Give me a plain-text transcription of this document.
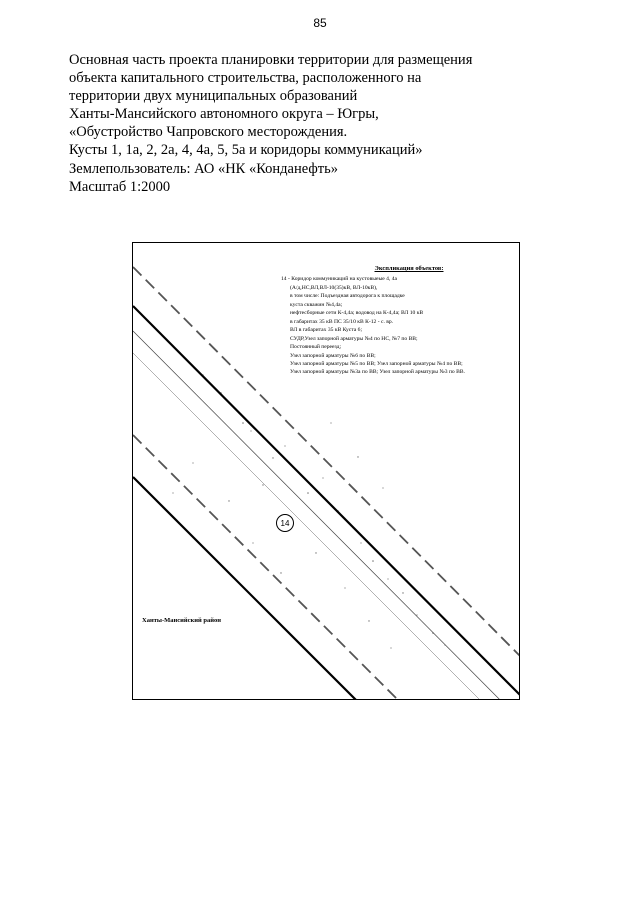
85
Основная часть проекта планировки территории для размещения
объекта капитального строительства, расположенного на
территории двух муниципальных образований
Ханты-Мансийского автономного округа – Югры,
«Обустройство Чапровского месторождения.
Кусты 1, 1а, 2, 2а, 4, 4а, 5, 5а и коридоры коммуникаций»
Землепользователь: АО «НК «Конданефть»
Масштаб 1:2000
Экспликация объектов:
14 - Коридор коммуникаций на кустовыеые 4, 4а
(А/д,НС,ВЛ,ВЛ-10(35)кВ, ВЛ-10кВ),
в том числе: Подъездная автодорога к площадке
куста скважин №4,4а;
нефтесборные сети К-4,4а; водовод на К-4,4а; ВЛ 10 кВ
в габаритах 35 кВ ПС 35/10 кВ К-12 - с. вр.
ВЛ в габаритах 35 кВ Куста 6;
СУДР,Узел запорной арматуры №4 по НС, №7 по ВВ;
Постоянный переезд;
Узел запорной арматуры №6 по ВВ;
Узел запорной арматуры №5 по ВВ; Узел запорной арматуры №4 по ВВ;
Узел запорной арматуры №3а по ВВ; Узел запорной арматуры №3 по ВВ.
14
Ханты-Мансийский район
